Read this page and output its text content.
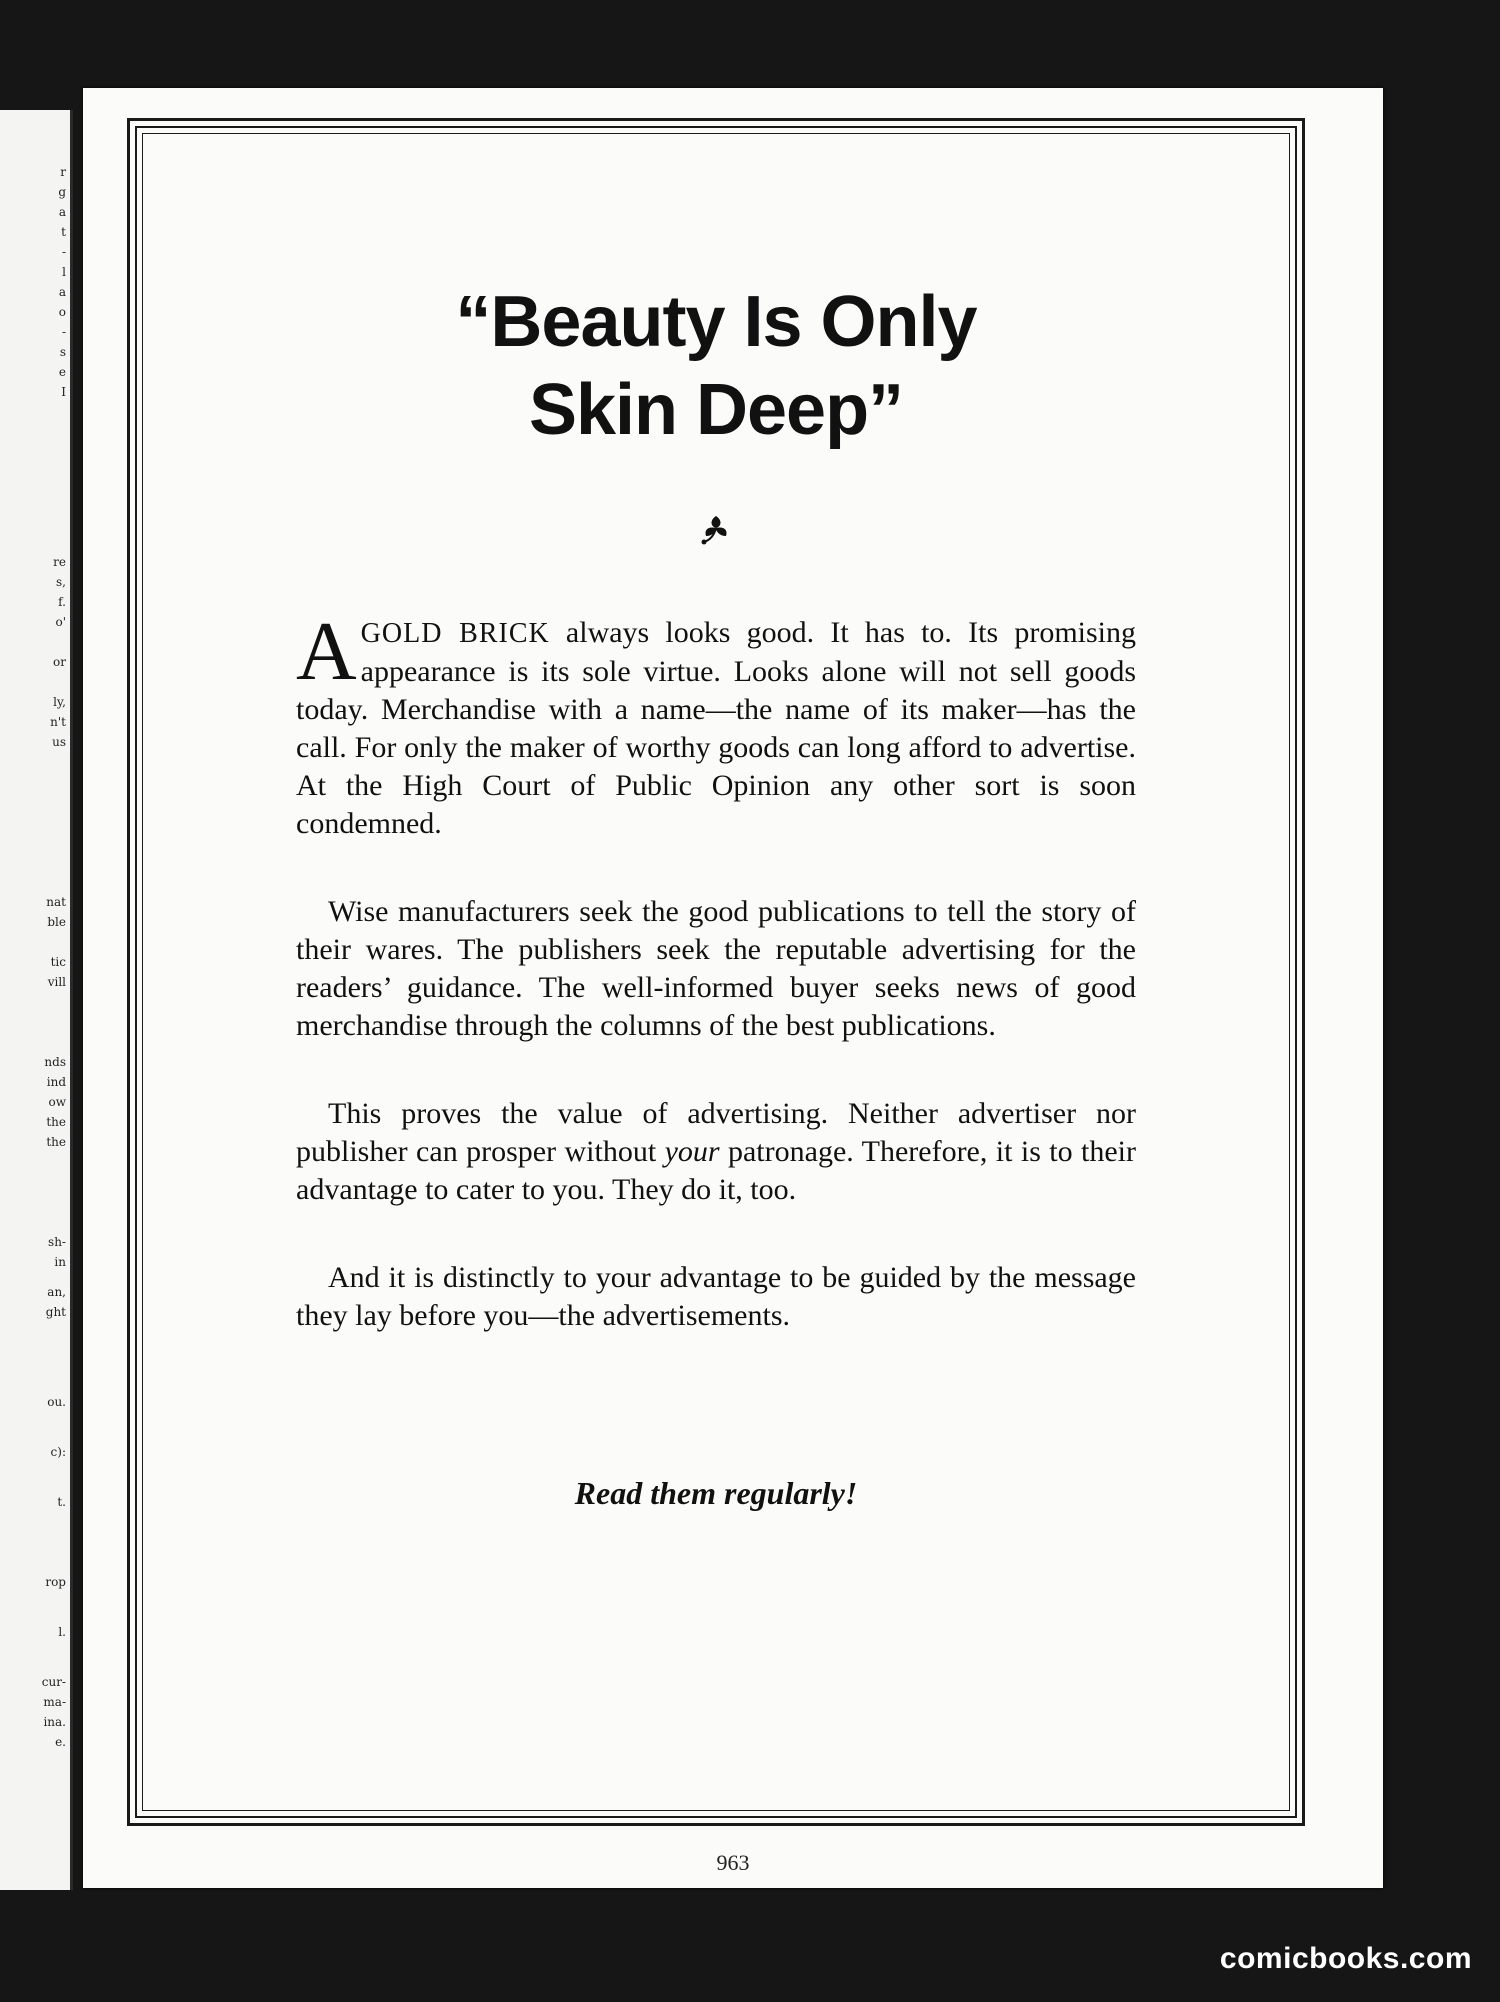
r
g
a
t
-
l
a
o
-
s
e
I
re
s,
f.
o'
or
ly,
n't
us
nat
ble
tic
vill
nds
ind
ow
the
the
sh-
in
an,
ght
ou.
c):
t.
rop
l.
cur-
ma-
ina.
e.
“Beauty Is Only
Skin Deep”

AGOLD BRICK always looks good. It has to. Its promising appearance is its sole virtue. Looks alone will not sell goods today. Merchandise with a name—the name of its maker—has the call. For only the maker of worthy goods can long afford to advertise. At the High Court of Public Opinion any other sort is soon condemned.

Wise manufacturers seek the good publications to tell the story of their wares. The publishers seek the reputable advertising for the readers’ guidance. The well-informed buyer seeks news of good merchandise through the columns of the best publications.

This proves the value of advertising. Neither advertiser nor publisher can prosper without your patronage. Therefore, it is to their advantage to cater to you. They do it, too.

And it is distinctly to your advantage to be guided by the message they lay before you—the advertisements.

Read them regularly!
963
comicbooks.com
